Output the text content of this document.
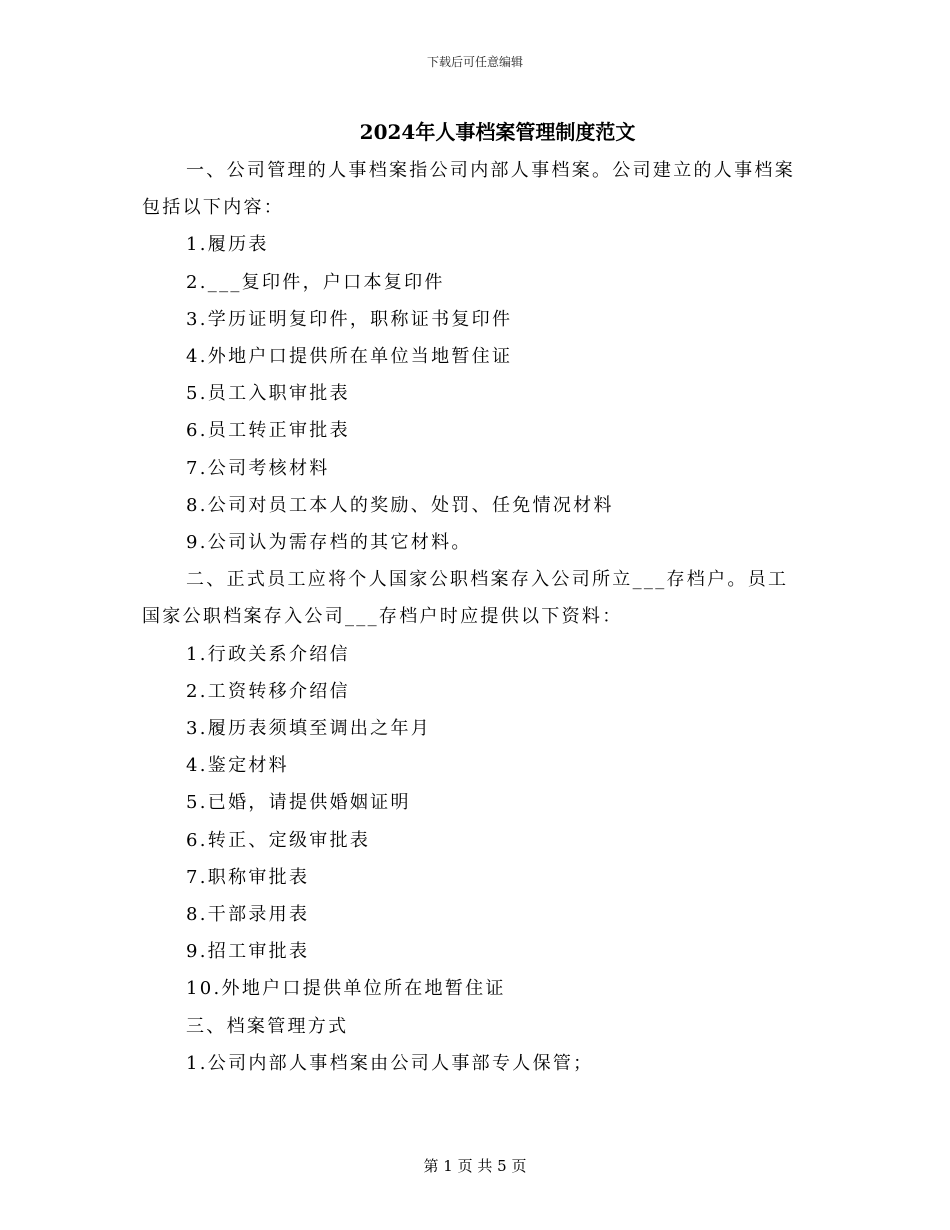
下载后可任意编辑
2024年人事档案管理制度范文

一、公司管理的人事档案指公司内部人事档案。公司建立的人事档案包括以下内容：

1.履历表

2.___复印件，户口本复印件

3.学历证明复印件，职称证书复印件

4.外地户口提供所在单位当地暂住证

5.员工入职审批表

6.员工转正审批表

7.公司考核材料

8.公司对员工本人的奖励、处罚、任免情况材料

9.公司认为需存档的其它材料。

二、正式员工应将个人国家公职档案存入公司所立___存档户。员工国家公职档案存入公司___存档户时应提供以下资料：

1.行政关系介绍信

2.工资转移介绍信

3.履历表须填至调出之年月

4.鉴定材料

5.已婚，请提供婚姻证明

6.转正、定级审批表

7.职称审批表

8.干部录用表

9.招工审批表

10.外地户口提供单位所在地暂住证

三、档案管理方式

1.公司内部人事档案由公司人事部专人保管；

第 1 页 共 5 页
